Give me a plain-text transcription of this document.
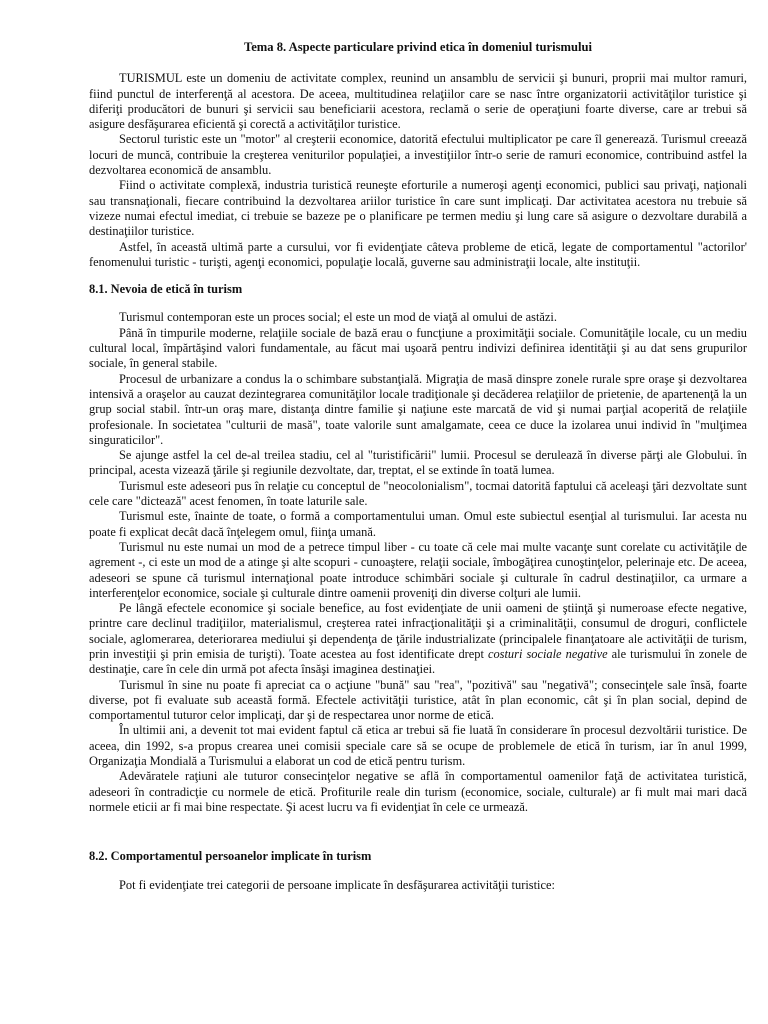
Tema 8. Aspecte particulare privind etica în domeniul turismului

TURISMUL este un domeniu de activitate complex, reunind un ansamblu de servicii şi bunuri, proprii mai multor ramuri, fiind punctul de interferenţă al acestora. De aceea, multitudinea relaţiilor care se nasc între organizatorii activităţilor turistice şi diferiţi producători de bunuri şi servicii sau beneficiarii acestora, reclamă o serie de operaţiuni foarte diverse, care ar trebui să asigure desfăşurarea eficientă şi corectă a activităţilor turistice.

Sectorul turistic este un "motor" al creşterii economice, datorită efectului multiplicator pe care îl generează. Turismul creează locuri de muncă, contribuie la creşterea veniturilor populaţiei, a investiţiilor într-o serie de ramuri economice, contribuind astfel la dezvoltarea economică de ansamblu.

Fiind o activitate complexă, industria turistică reuneşte eforturile a numeroşi agenţi economici, publici sau privaţi, naţionali sau transnaţionali, fiecare contribuind la dezvoltarea ariilor turistice în care sunt implicaţi. Dar activitatea acestora nu trebuie să vizeze numai efectul imediat, ci trebuie se bazeze pe o planificare pe termen mediu şi lung care să asigure o dezvoltare durabilă a destinaţiilor turistice.

Astfel, în această ultimă parte a cursului, vor fi evidenţiate câteva probleme de etică, legate de comportamentul "actorilor' fenomenului turistic - turişti, agenţi economici, populaţie locală, guverne sau administraţii locale, alte instituţii.

8.1. Nevoia de etică în turism

Turismul contemporan este un proces social; el este un mod de viaţă al omului de astăzi.

Până în timpurile moderne, relaţiile sociale de bază erau o funcţiune a proximităţii sociale. Comunităţile locale, cu un mediu cultural local, împărtăşind valori fundamentale, au făcut mai uşoară pentru indivizi definirea identităţii şi au dat sens grupurilor sociale, în general stabile.

Procesul de urbanizare a condus la o schimbare substanţială. Migraţia de masă dinspre zonele rurale spre oraşe şi dezvoltarea intensivă a oraşelor au cauzat dezintegrarea comunităţilor locale tradiţionale şi decăderea relaţiilor de prietenie, de apartenenţă la un grup social stabil. într-un oraş mare, distanţa dintre familie şi naţiune este marcată de vid şi numai parţial acoperită de relaţiile profesionale. In societatea "culturii de masă", toate valorile sunt amalgamate, ceea ce duce la izolarea unui individ în "mulţimea singuraticilor".

Se ajunge astfel la cel de-al treilea stadiu, cel al "turistificării" lumii. Procesul se derulează în diverse părţi ale Globului. în principal, acesta vizează ţările şi regiunile dezvoltate, dar, treptat, el se extinde în toată lumea.

Turismul este adeseori pus în relaţie cu conceptul de "neocolonialism", tocmai datorită faptului că aceleaşi ţări dezvoltate sunt cele care "dictează" acest fenomen, în toate laturile sale.

Turismul este, înainte de toate, o formă a comportamentului uman. Omul este subiectul esenţial al turismului. Iar acesta nu poate fi explicat decât dacă înţelegem omul, fiinţa umană.

Turismul nu este numai un mod de a petrece timpul liber - cu toate că cele mai multe vacanţe sunt corelate cu activităţile de agrement -, ci este un mod de a atinge şi alte scopuri - cunoaştere, relaţii sociale, îmbogăţirea cunoştinţelor, pelerinaje etc. De aceea, adeseori se spune că turismul internaţional poate introduce schimbări sociale şi culturale în cadrul destinaţiilor, ca urmare a interferenţelor economice, sociale şi culturale dintre oamenii proveniţi din diverse colţuri ale lumii.

Pe lângă efectele economice şi sociale benefice, au fost evidenţiate de unii oameni de ştiinţă şi numeroase efecte negative, printre care declinul tradiţiilor, materialismul, creşterea ratei infracţionalităţii şi a criminalităţii, consumul de droguri, conflictele sociale, aglomerarea, deteriorarea mediului şi dependenţa de ţările industrializate (principalele finanţatoare ale activităţii de turism, prin investiţii şi prin emisia de turişti). Toate acestea au fost identificate drept costuri sociale negative ale turismului în zonele de destinaţie, care în cele din urmă pot afecta însăşi imaginea destinaţiei.

Turismul în sine nu poate fi apreciat ca o acţiune "bună" sau "rea", "pozitivă" sau "negativă"; consecinţele sale însă, foarte diverse, pot fi evaluate sub această formă. Efectele activităţii turistice, atât în plan economic, cât şi în plan social, depind de comportamentul tuturor celor implicaţi, dar şi de respectarea unor norme de etică.

În ultimii ani, a devenit tot mai evident faptul că etica ar trebui să fie luată în considerare în procesul dezvoltării turistice. De aceea, din 1992, s-a propus crearea unei comisii speciale care să se ocupe de problemele de etică în turism, iar în anul 1999, Organizaţia Mondială a Turismului a elaborat un cod de etică pentru turism.

Adevăratele raţiuni ale tuturor consecinţelor negative se află în comportamentul oamenilor faţă de activitatea turistică, adeseori în contradicţie cu normele de etică. Profiturile reale din turism (economice, sociale, culturale) ar fi mult mai mari dacă normele eticii ar fi mai bine respectate. Şi acest lucru va fi evidenţiat în cele ce urmează.

8.2. Comportamentul persoanelor implicate în turism

Pot fi evidenţiate trei categorii de persoane implicate în desfăşurarea activităţii turistice:
